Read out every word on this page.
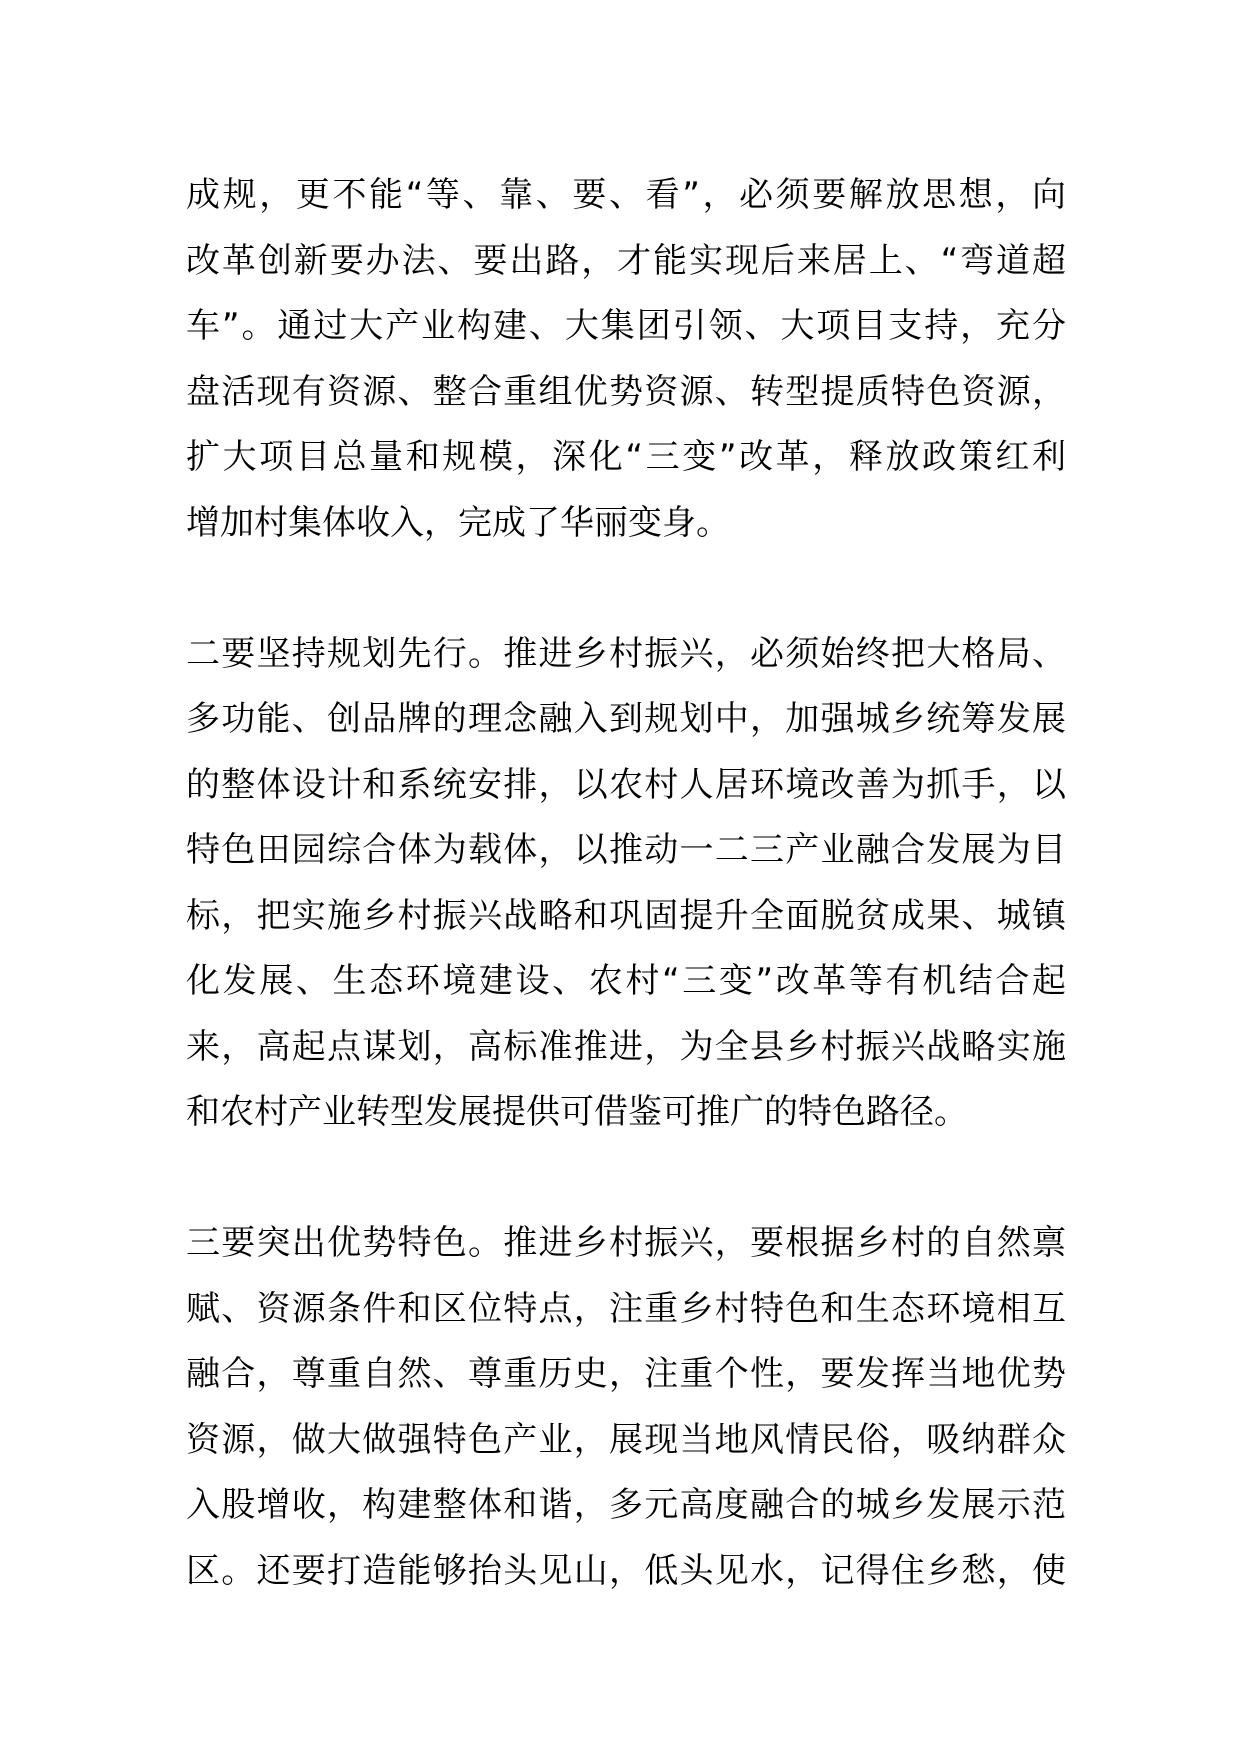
成规，更不能“等、靠、要、看”，必须要解放思想，向
改革创新要办法、要出路，才能实现后来居上、“弯道超
车”。通过大产业构建、大集团引领、大项目支持，充分
盘活现有资源、整合重组优势资源、转型提质特色资源，
扩大项目总量和规模，深化“三变”改革，释放政策红利
增加村集体收入，完成了华丽变身。
二要坚持规划先行。推进乡村振兴，必须始终把大格局、
多功能、创品牌的理念融入到规划中，加强城乡统筹发展
的整体设计和系统安排，以农村人居环境改善为抓手，以
特色田园综合体为载体，以推动一二三产业融合发展为目
标，把实施乡村振兴战略和巩固提升全面脱贫成果、城镇
化发展、生态环境建设、农村“三变”改革等有机结合起
来，高起点谋划，高标准推进，为全县乡村振兴战略实施
和农村产业转型发展提供可借鉴可推广的特色路径。
三要突出优势特色。推进乡村振兴，要根据乡村的自然禀
赋、资源条件和区位特点，注重乡村特色和生态环境相互
融合，尊重自然、尊重历史，注重个性，要发挥当地优势
资源，做大做强特色产业，展现当地风情民俗，吸纳群众
入股增收，构建整体和谐，多元高度融合的城乡发展示范
区。还要打造能够抬头见山，低头见水，记得住乡愁，使
